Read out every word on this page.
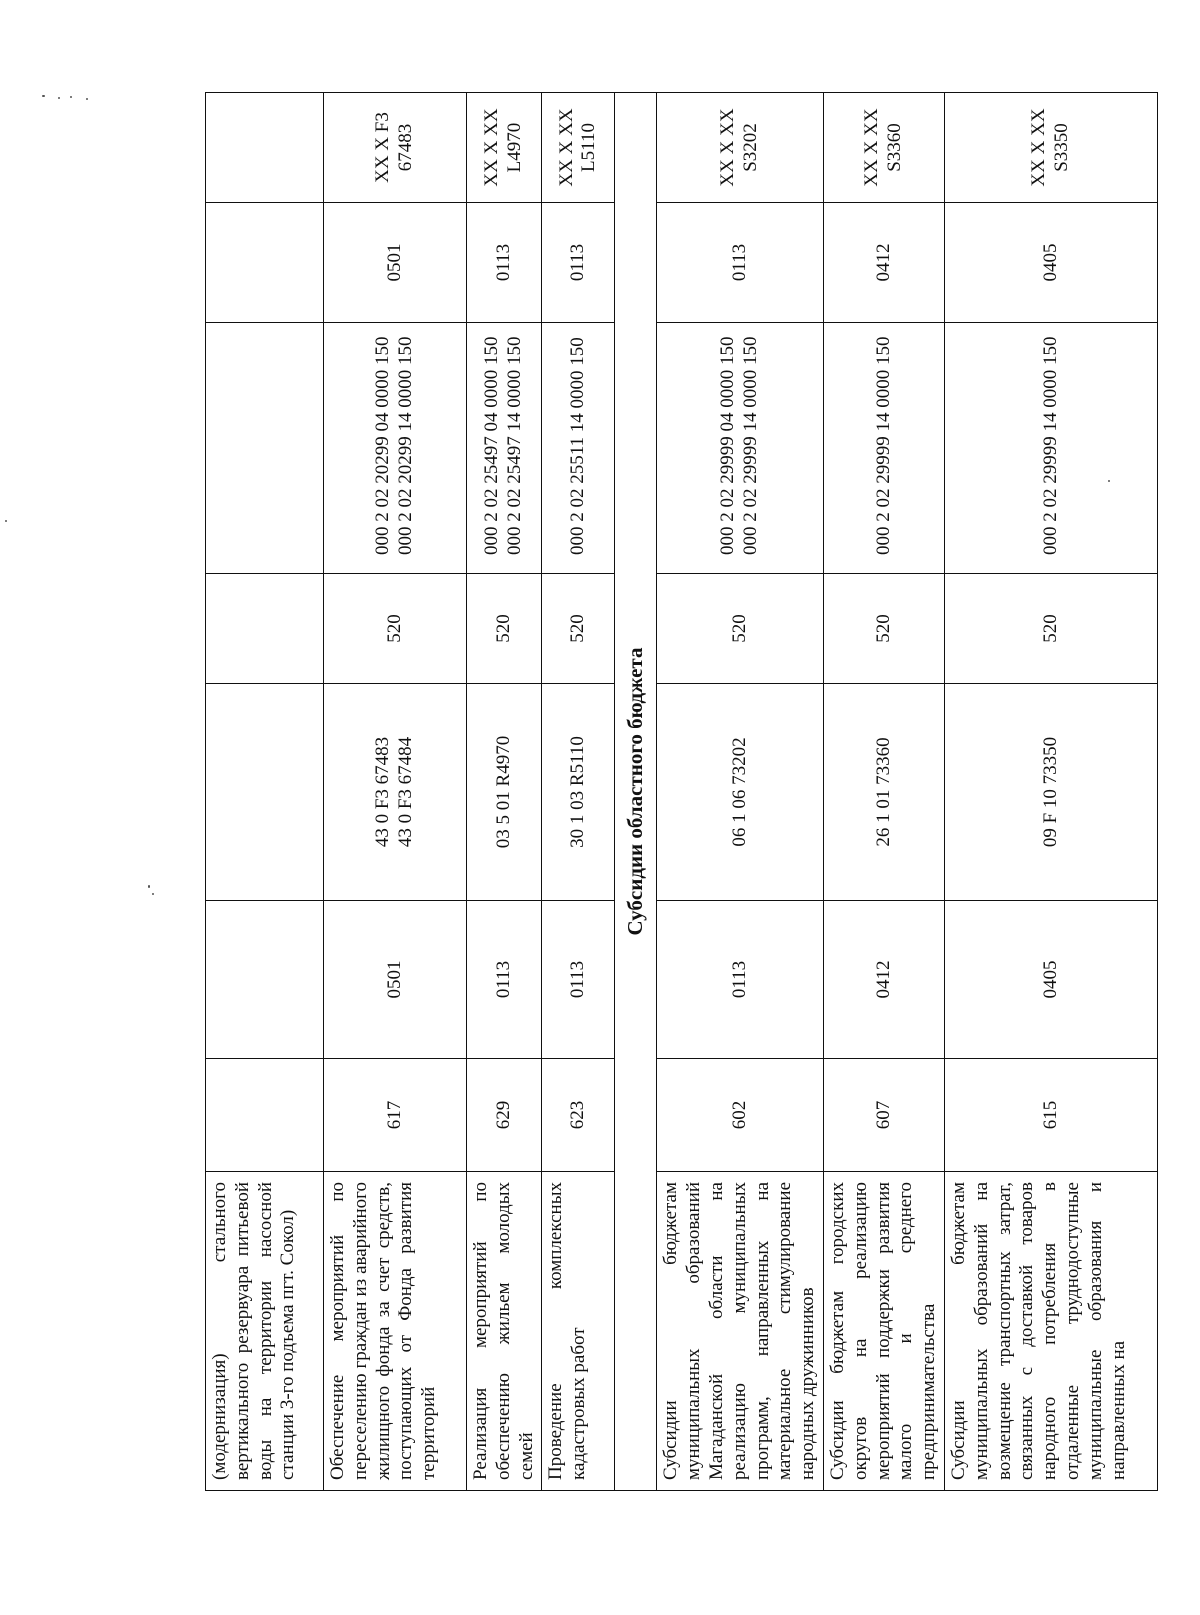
(модернизация) стального вертикального резервуара питьевой воды на территории насосной станции 3-го подъема пгт. Сокол)							
Обеспечение мероприятий по переселению граждан из аварийного жилищного фонда за счет средств, поступающих от Фонда развития территорий	617	0501	43 0 F3 67483 43 0 F3 67484	520	000 2 02 20299 04 0000 150 000 2 02 20299 14 0000 150	0501	XX X F3 67483
Реализация мероприятий по обеспечению жильем молодых семей	629	0113	03 5 01 R4970	520	000 2 02 25497 04 0000 150 000 2 02 25497 14 0000 150	0113	XX X XX L4970
Проведение комплексных кадастровых работ	623	0113	30 1 03 R5110	520	000 2 02 25511 14 0000 150	0113	XX X XX L5110
Субсидии областного бюджета							
Субсидии бюджетам муниципальных образований Магаданской области на реализацию муниципальных программ, направленных на материальное стимулирование народных дружинников	602	0113	06 1 06 73202	520	000 2 02 29999 04 0000 150 000 2 02 29999 14 0000 150	0113	XX X XX S3202
Субсидии бюджетам городских округов на реализацию мероприятий поддержки развития малого и среднего предпринимательства	607	0412	26 1 01 73360	520	000 2 02 29999 14 0000 150	0412	XX X XX S3360
Субсидии бюджетам муниципальных образований на возмещение транспортных затрат, связанных с доставкой товаров народного потребления в отдаленные труднодоступные муниципальные образования и направленных на	615	0405	09 F 10 73350	520	000 2 02 29999 14 0000 150	0405	XX X XX S3350
